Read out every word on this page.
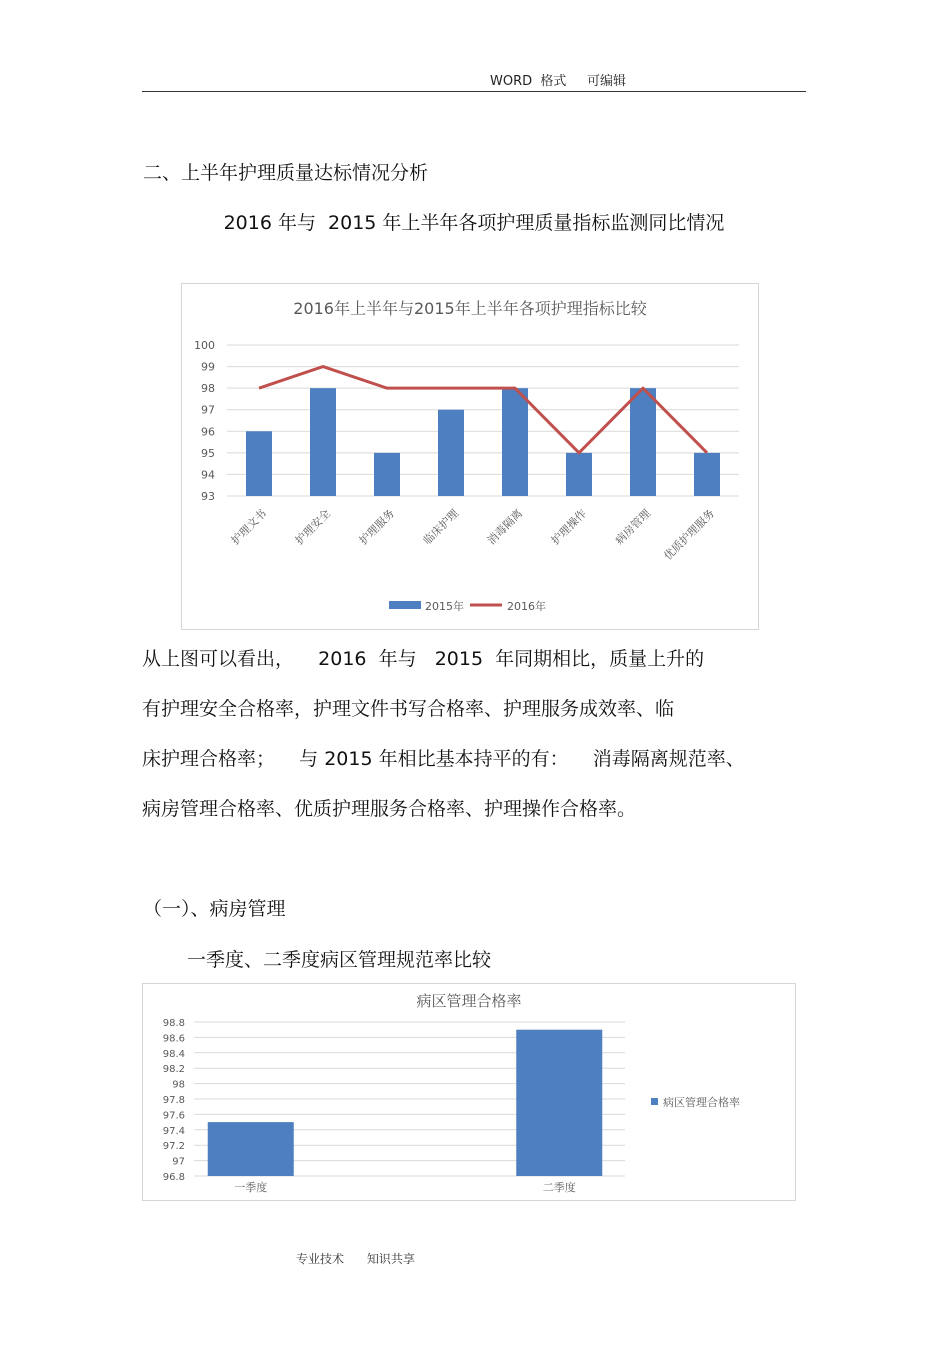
WORD  格式     可编辑
二、上半年护理质量达标情况分析
2016 年与  2015 年上半年各项护理质量指标监测同比情况
2016年上半年与2015年上半年各项护理指标比较
100
99
98
97
96
95
94
93
护理文书 护理安全 护理服务 临床护理 消毒隔离 护理操作 病房管理 优质护理服务
2015年	2016年
从上图可以看出，    2016  年与   2015  年同期相比，质量上升的
有护理安全合格率，护理文件书写合格率、护理服务成效率、临
床护理合格率；    与 2015 年相比基本持平的有：    消毒隔离规范率、
病房管理合格率、优质护理服务合格率、护理操作合格率。
（一）、病房管理
一季度、二季度病区管理规范率比较
病区管理合格率
98.8
98.6
98.4
98.2
98
97.8
97.6
97.4
97.2
97
96.8
一季度	二季度
病区管理合格率
专业技术      知识共享
